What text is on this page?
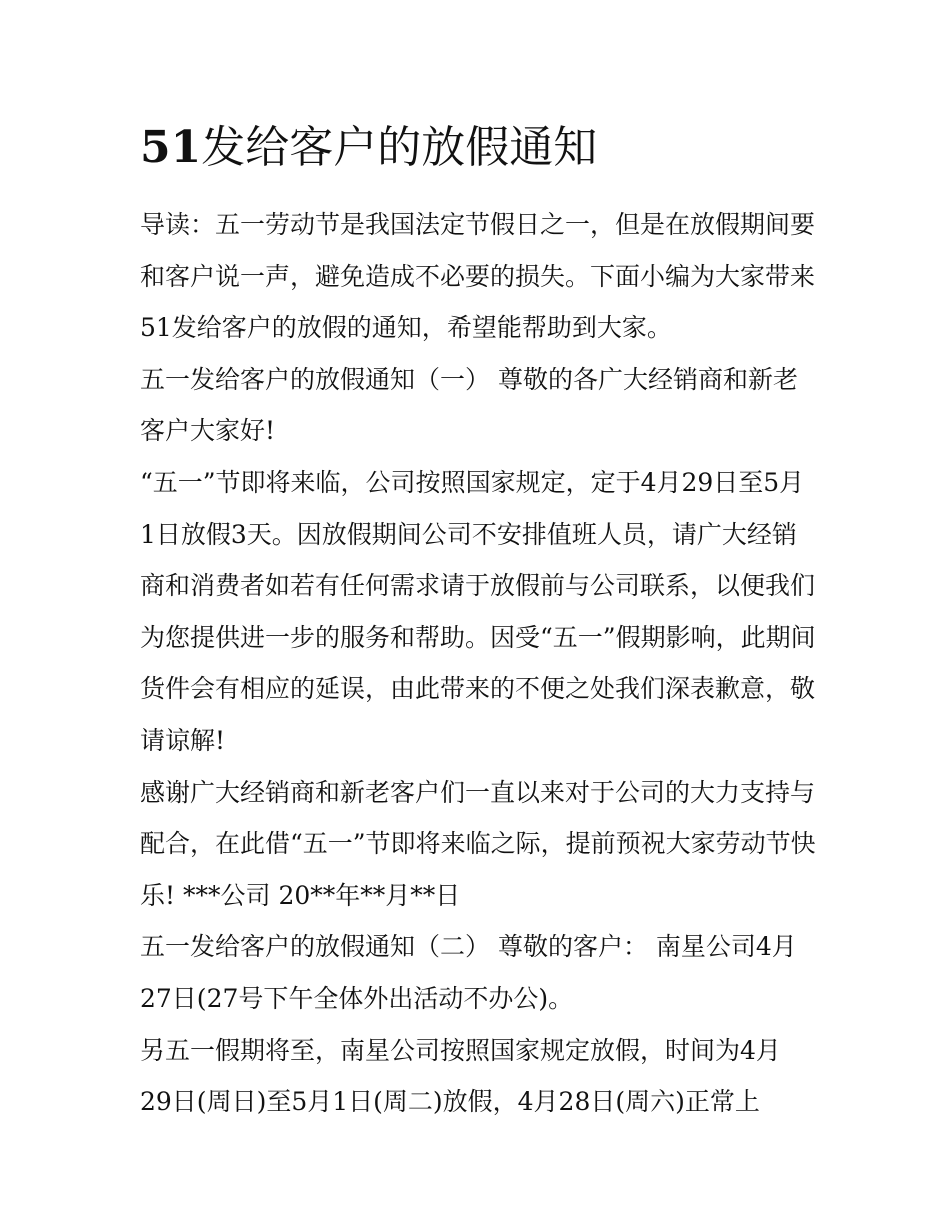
51发给客户的放假通知
导读：五一劳动节是我国法定节假日之一，但是在放假期间要
和客户说一声，避免造成不必要的损失。下面小编为大家带来
51发给客户的放假的通知，希望能帮助到大家。
五一发给客户的放假通知（一） 尊敬的各广大经销商和新老
客户大家好!
“五一”节即将来临，公司按照国家规定，定于4月29日至5月
1日放假3天。因放假期间公司不安排值班人员，请广大经销
商和消费者如若有任何需求请于放假前与公司联系，以便我们
为您提供进一步的服务和帮助。因受“五一”假期影响，此期间
货件会有相应的延误，由此带来的不便之处我们深表歉意，敬
请谅解!
感谢广大经销商和新老客户们一直以来对于公司的大力支持与
配合，在此借“五一”节即将来临之际，提前预祝大家劳动节快
乐! ***公司 20**年**月**日
五一发给客户的放假通知（二） 尊敬的客户： 南星公司4月
27日(27号下午全体外出活动不办公)。
另五一假期将至，南星公司按照国家规定放假，时间为4月
29日(周日)至5月1日(周二)放假，4月28日(周六)正常上
